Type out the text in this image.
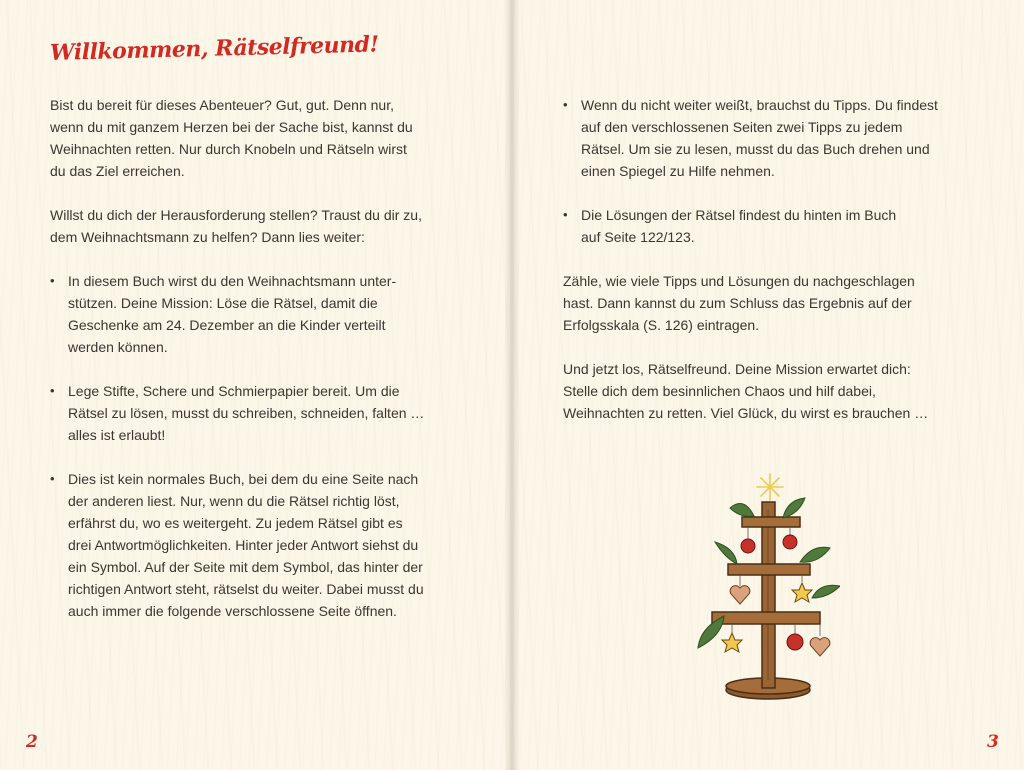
Willkommen, Rätselfreund!

Bist du bereit für dieses Abenteuer? Gut, gut. Denn nur,
wenn du mit ganzem Herzen bei der Sache bist, kannst du
Weihnachten retten. Nur durch Knobeln und Rätseln wirst
du das Ziel erreichen.

Willst du dich der Herausforderung stellen? Traust du dir zu,
dem Weihnachtsmann zu helfen? Dann lies weiter:

• In diesem Buch wirst du den Weihnachtsmann unter-
stützen. Deine Mission: Löse die Rätsel, damit die
Geschenke am 24. Dezember an die Kinder verteilt
werden können.
• Lege Stifte, Schere und Schmierpapier bereit. Um die
Rätsel zu lösen, musst du schreiben, schneiden, falten …
alles ist erlaubt!
• Dies ist kein normales Buch, bei dem du eine Seite nach
der anderen liest. Nur, wenn du die Rätsel richtig löst,
erfährst du, wo es weitergeht. Zu jedem Rätsel gibt es
drei Antwortmöglichkeiten. Hinter jeder Antwort siehst du
ein Symbol. Auf der Seite mit dem Symbol, das hinter der
richtigen Antwort steht, rätselst du weiter. Dabei musst du
auch immer die folgende verschlossene Seite öffnen.
• Wenn du nicht weiter weißt, brauchst du Tipps. Du findest
auf den verschlossenen Seiten zwei Tipps zu jedem
Rätsel. Um sie zu lesen, musst du das Buch drehen und
einen Spiegel zu Hilfe nehmen.
• Die Lösungen der Rätsel findest du hinten im Buch
auf Seite 122/123.

Zähle, wie viele Tipps und Lösungen du nachgeschlagen
hast. Dann kannst du zum Schluss das Ergebnis auf der
Erfolgsskala (S. 126) eintragen.

Und jetzt los, Rätselfreund. Deine Mission erwartet dich:
Stelle dich dem besinnlichen Chaos und hilf dabei,
Weihnachten zu retten. Viel Glück, du wirst es brauchen …

2	3
